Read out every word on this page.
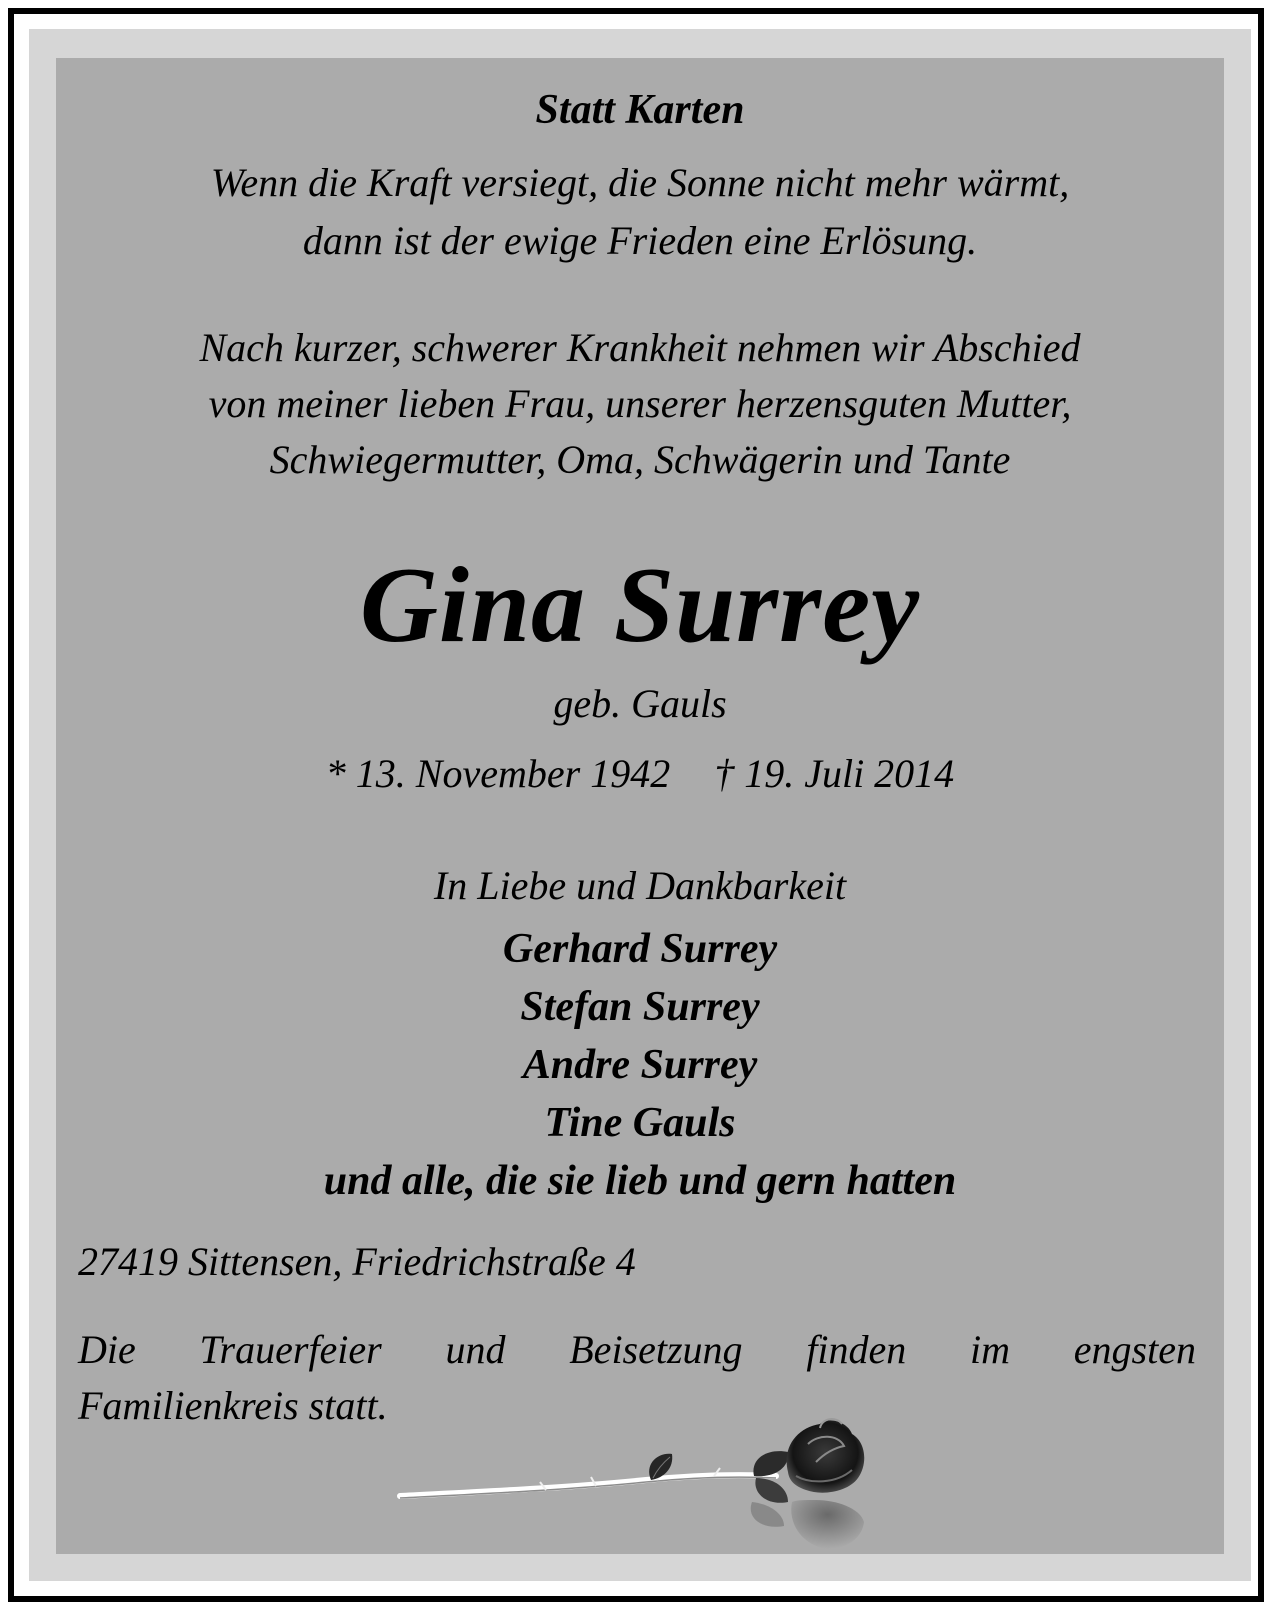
Statt Karten

Wenn die Kraft versiegt, die Sonne nicht mehr wärmt,
dann ist der ewige Frieden eine Erlösung.
Nach kurzer, schwerer Krankheit nehmen wir Abschied
von meiner lieben Frau, unserer herzensguten Mutter,
Schwiegermutter, Oma, Schwägerin und Tante

Gina Surrey

geb. Gauls

* 13. November 1942 † 19. Juli 2014

In Liebe und Dankbarkeit

Gerhard Surrey
Stefan Surrey
Andre Surrey
Tine Gauls
und alle, die sie lieb und gern hatten
27419 Sittensen, Friedrichstraße 4
Die Trauerfeier und Beisetzung finden im engsten
Familienkreis statt.
